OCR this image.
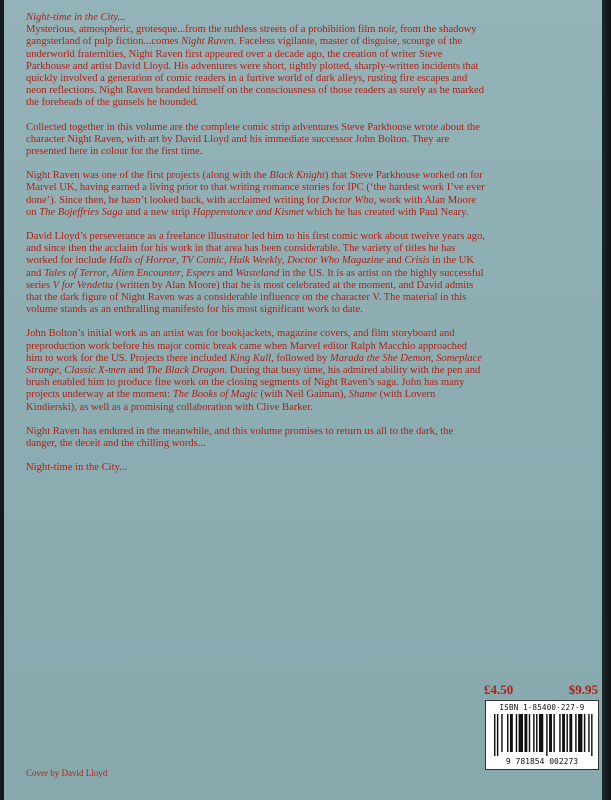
Night-time in the City...
Mysterious, atmospheric, grotesque...from the ruthless streets of a prohibition film noir, from the shadowy gangsterland of pulp fiction...comes Night Raven. Faceless vigilante, master of disguise, scourge of the underworld fraternities, Night Raven first appeared over a decade ago, the creation of writer Steve Parkhouse and artist David Lloyd. His adventures were short, tightly plotted, sharply-written incidents that quickly involved a generation of comic readers in a furtive world of dark alleys, rusting fire escapes and neon reflections. Night Raven branded himself on the consciousness of those readers as surely as he marked the foreheads of the gunsels he hounded.

Collected together in this volume are the complete comic strip adventures Steve Parkhouse wrote about the character Night Raven, with art by David Lloyd and his immediate successor John Bolton. They are presented here in colour for the first time.

Night Raven was one of the first projects (along with the Black Knight) that Steve Parkhouse worked on for Marvel UK, having earned a living prior to that writing romance stories for IPC (‘the hardest work I’ve ever done’). Since then, he hasn’t looked back, with acclaimed writing for Doctor Who, work with Alan Moore on The Bojeffries Saga and a new strip Happenstance and Kismet which he has created with Paul Neary.

David Lloyd’s perseverance as a freelance illustrator led him to his first comic work about twelve years ago, and since then the acclaim for his work in that area has been considerable. The variety of titles he has worked for include Halls of Horror, TV Comic, Hulk Weekly, Doctor Who Magazine and Crisis in the UK and Tales of Terror, Alien Encounter, Espers and Wasteland in the US. It is as artist on the highly successful series V for Vendetta (written by Alan Moore) that he is most celebrated at the moment, and David admits that the dark figure of Night Raven was a considerable influence on the character V. The material in this volume stands as an enthralling manifesto for his most significant work to date.

John Bolton’s initial work as an artist was for bookjackets, magazine covers, and film storyboard and preproduction work before his major comic break came when Marvel editor Ralph Macchio approached him to work for the US. Projects there included King Kull, followed by Marada the She Demon, Someplace Strange, Classic X-men and The Black Dragon. During that busy time, his admired ability with the pen and brush enabled him to produce fine work on the closing segments of Night Raven’s saga. John has many projects underway at the moment: The Books of Magic (with Neil Gaiman), Shame (with Lovern Kindierski), as well as a promising collaboration with Clive Barker.

Night Raven has endured in the meanwhile, and this volume promises to return us all to the dark, the danger, the deceit and the chilling words...

Night-time in the City...

£4.50	$9.95
ISBN 1-85400-227-9
9 781854 002273
Cover by David Lloyd
